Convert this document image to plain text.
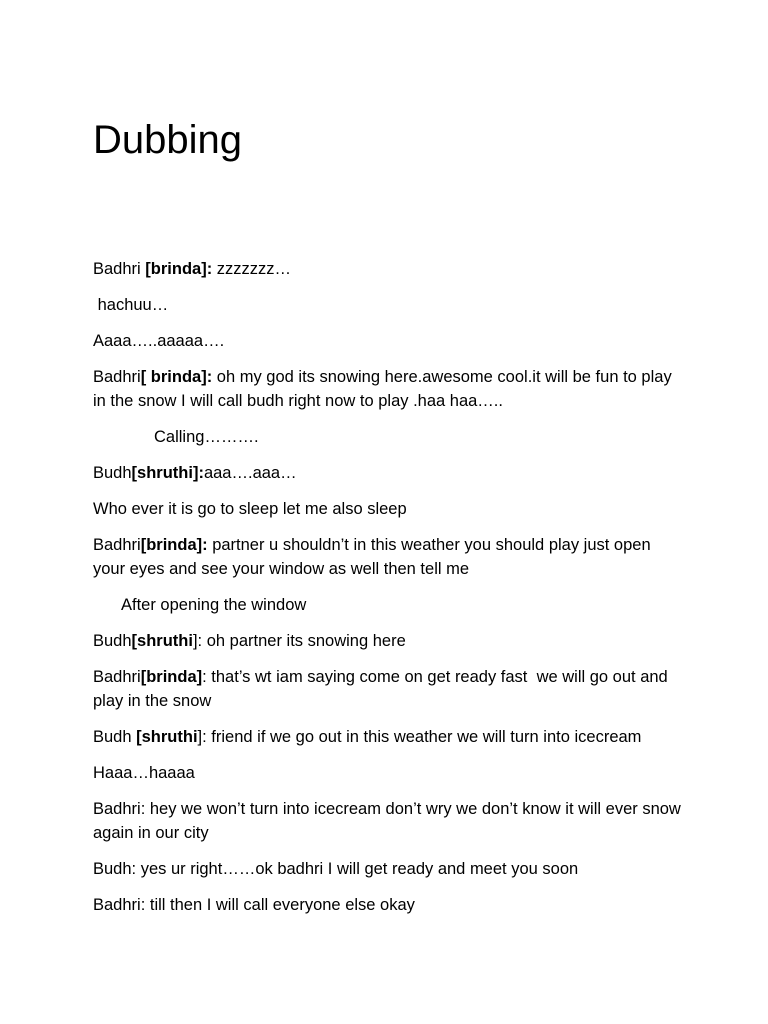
Dubbing

Badhri [brinda]: zzzzzzz…

hachuu…

Aaaa…..aaaaa….

Badhri[ brinda]: oh my god its snowing here.awesome cool.it will be fun to play in the snow I will call budh right now to play .haa haa…..

Calling……….

Budh[shruthi]:aaa….aaa…

Who ever it is go to sleep let me also sleep

Badhri[brinda]: partner u shouldn’t in this weather you should play just open your eyes and see your window as well then tell me

After opening the window

Budh[shruthi]: oh partner its snowing here

Badhri[brinda]: that’s wt iam saying come on get ready fast  we will go out and play in the snow

Budh [shruthi]: friend if we go out in this weather we will turn into icecream

Haaa…haaaa

Badhri: hey we won’t turn into icecream don’t wry we don’t know it will ever snow again in our city

Budh: yes ur right……ok badhri I will get ready and meet you soon

Badhri: till then I will call everyone else okay
